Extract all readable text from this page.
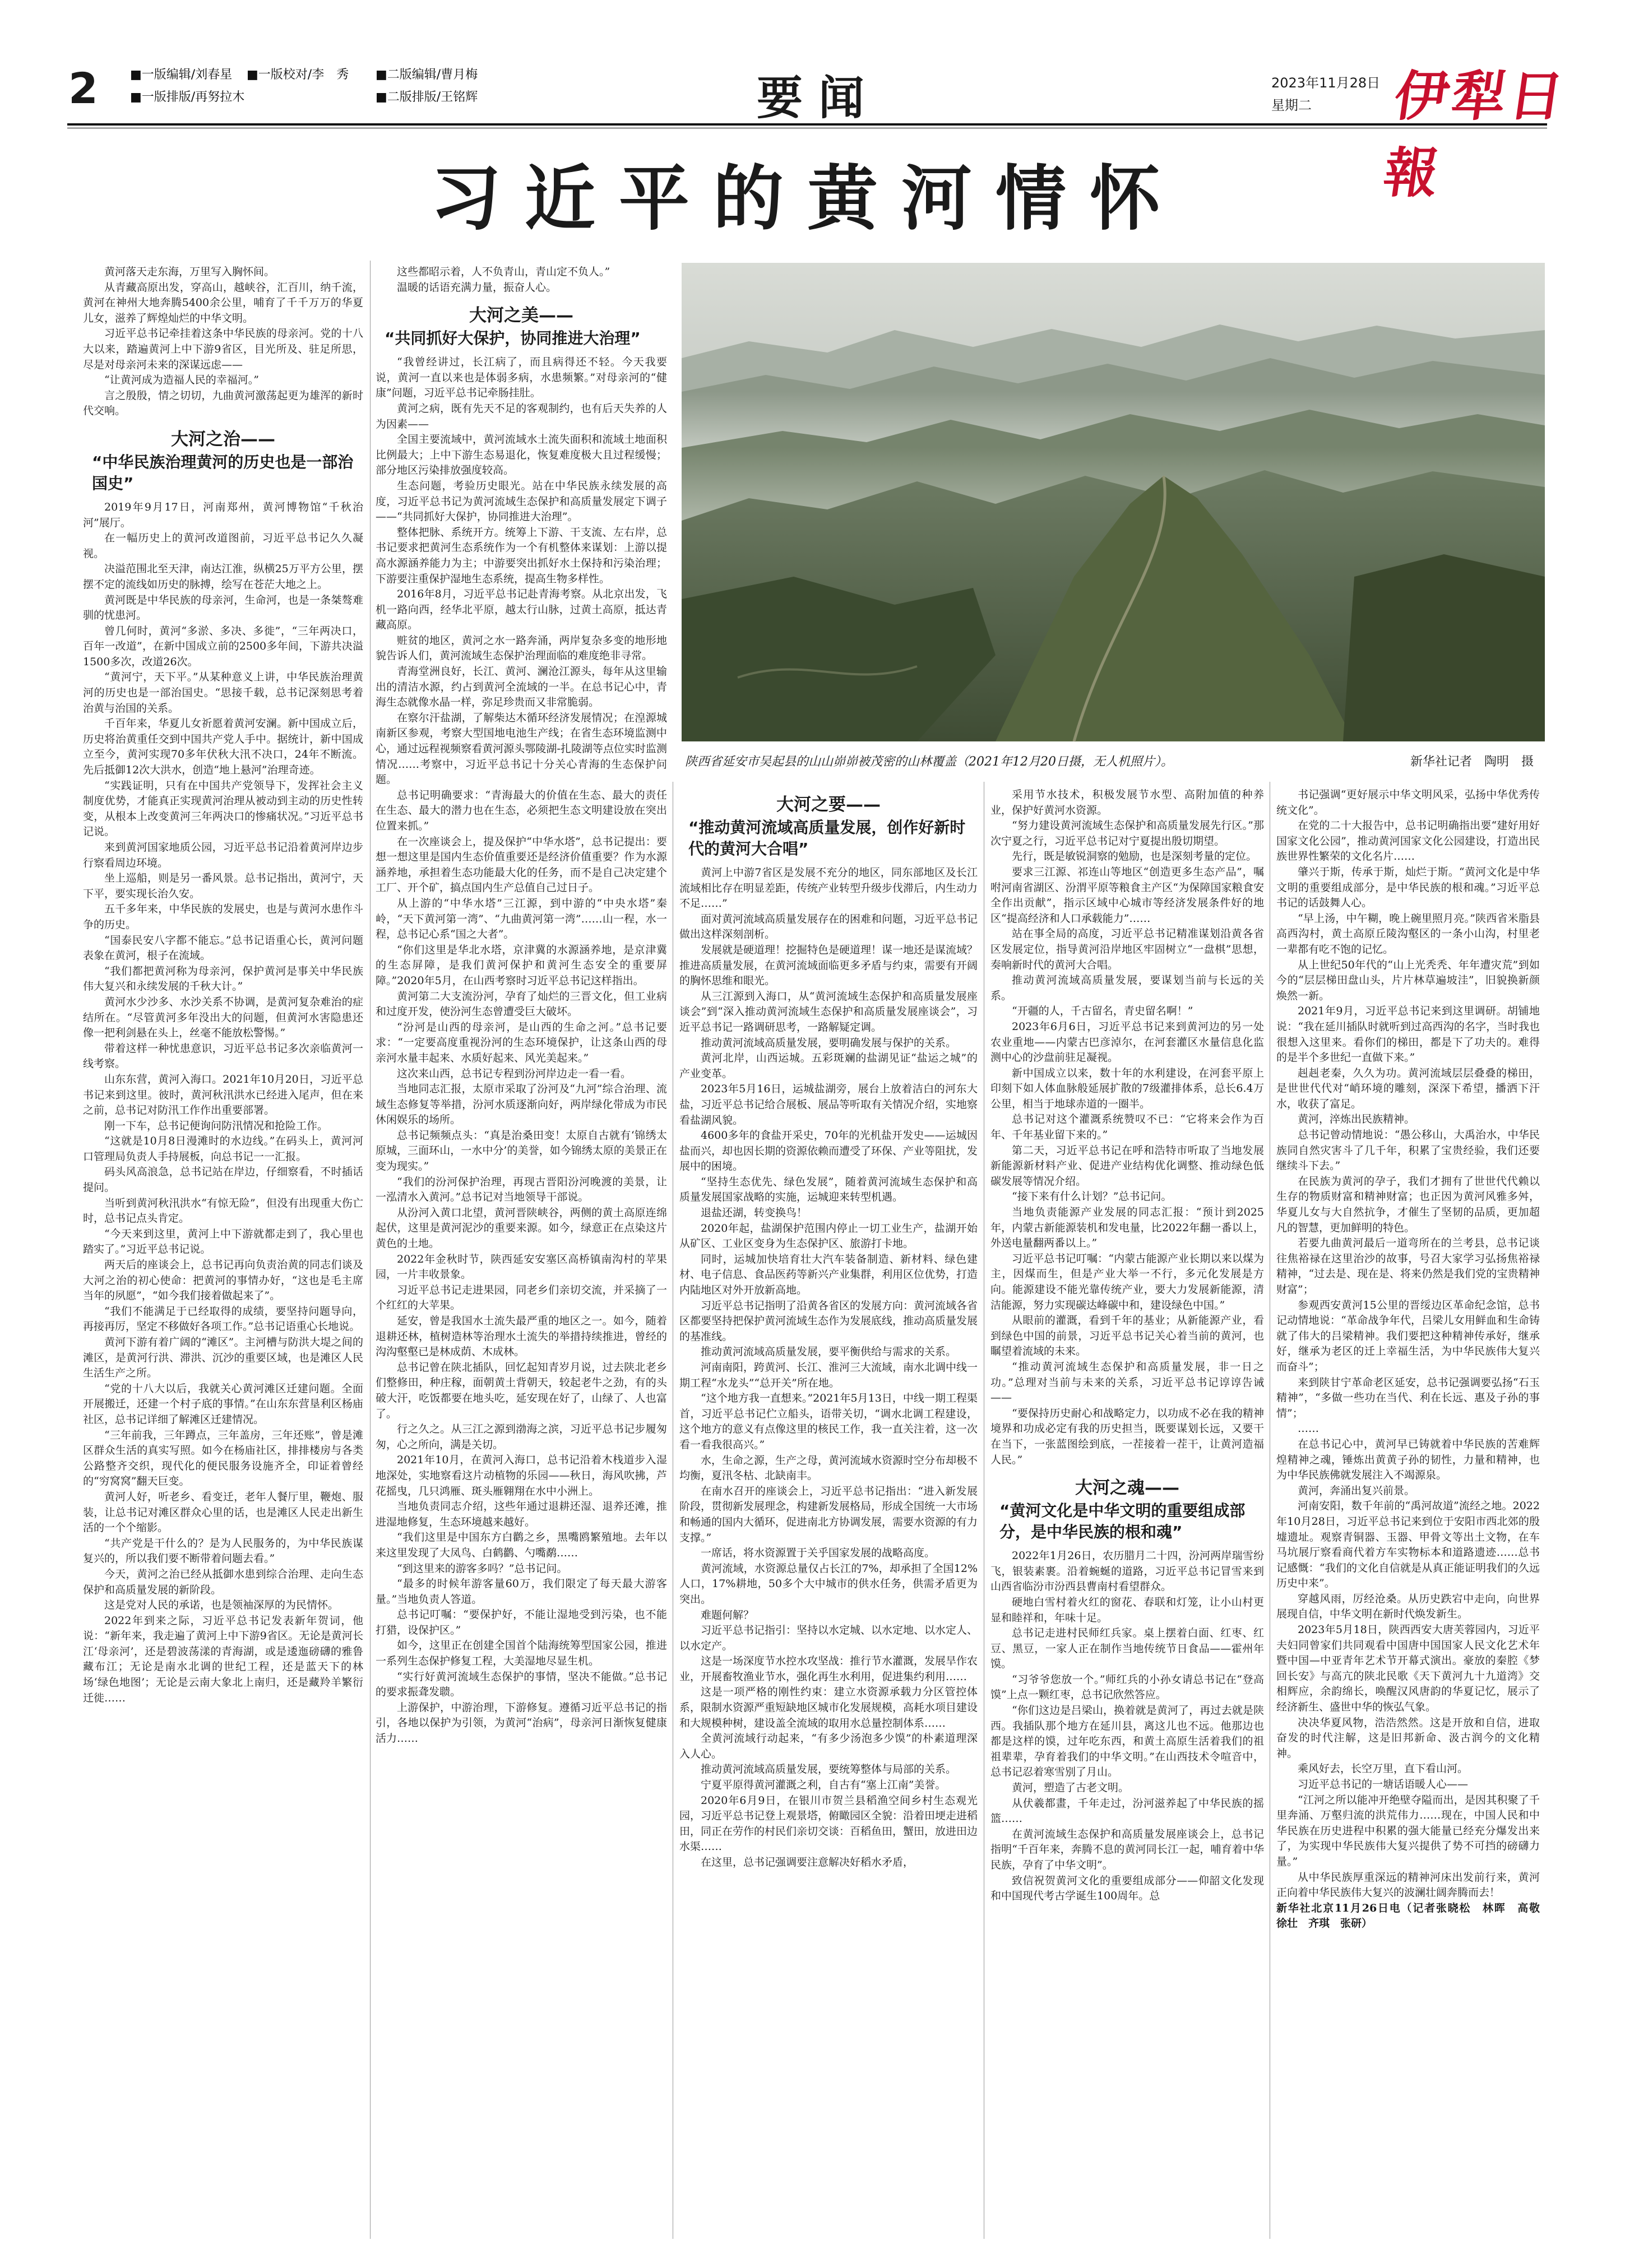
2	■一版编辑/刘春星 ■一版校对/李　秀 ■二版编辑/曹月梅
■一版排版/再努拉木	■二版排版/王铭辉	要闻	2023年11月28日
星期二	伊犁日報
习近平的黄河情怀
陕西省延安市吴起县的山山峁峁被茂密的山林覆盖（2021年12月20日摄，无人机照片）。	新华社记者　陶明　摄

黄河落天走东海，万里写入胸怀间。

从青藏高原出发，穿高山，越峡谷，汇百川，纳千流，黄河在神州大地奔腾5400余公里，哺育了千千万万的华夏儿女，滋养了辉煌灿烂的中华文明。

习近平总书记牵挂着这条中华民族的母亲河。党的十八大以来，踏遍黄河上中下游9省区，目光所及、驻足所思，尽是对母亲河未来的深谋远虑——

“让黄河成为造福人民的幸福河。”

言之殷殷，情之切切，九曲黄河激荡起更为雄浑的新时代交响。

大河之治——
“中华民族治理黄河的历史也是一部治国史”

2019年9月17日，河南郑州，黄河博物馆“千秋治河”展厅。

在一幅历史上的黄河改道图前，习近平总书记久久凝视。

决溢范围北至天津，南达江淮，纵横25万平方公里，摆摆不定的流线如历史的脉搏，绘写在苍茫大地之上。

黄河既是中华民族的母亲河，生命河，也是一条桀骜难驯的忧患河。

曾几何时，黄河“多淤、多决、多徙”，“三年两决口，百年一改道”，在新中国成立前的2500多年间，下游共决溢1500多次，改道26次。

“黄河宁，天下平。”从某种意义上讲，中华民族治理黄河的历史也是一部治国史。“思接千载，总书记深刻思考着治黄与治国的关系。

千百年来，华夏儿女祈愿着黄河安澜。新中国成立后，历史将治黄重任交到中国共产党人手中。据统计，新中国成立至今，黄河实现70多年伏秋大汛不决口，24年不断流。先后抵御12次大洪水，创造“地上悬河”治理奇迹。

“实践证明，只有在中国共产党领导下，发挥社会主义制度优势，才能真正实现黄河治理从被动到主动的历史性转变，从根本上改变黄河三年两决口的惨痛状况。”习近平总书记说。

来到黄河国家地质公园，习近平总书记沿着黄河岸边步行察看周边环境。

坐上巡船，则是另一番风景。总书记指出，黄河宁，天下平，要实现长治久安。

五千多年来，中华民族的发展史，也是与黄河水患作斗争的历史。

“国泰民安八字都不能忘。”总书记语重心长，黄河问题表象在黄河，根子在流域。

“我们都把黄河称为母亲河，保护黄河是事关中华民族伟大复兴和永续发展的千秋大计。”

黄河水少沙多、水沙关系不协调，是黄河复杂难治的症结所在。“尽管黄河多年没出大的问题，但黄河水害隐患还像一把利剑悬在头上，丝毫不能放松警惕。”

带着这样一种忧患意识，习近平总书记多次亲临黄河一线考察。

山东东营，黄河入海口。2021年10月20日，习近平总书记来到这里。彼时，黄河秋汛洪水已经进入尾声，但在来之前，总书记对防汛工作作出重要部署。

刚一下车，总书记便询问防汛情况和抢险工作。

“这就是10月8日漫滩时的水边线。”在码头上，黄河河口管理局负责人手持展板，向总书记一一汇报。

码头风高浪急，总书记站在岸边，仔细察看，不时插话提问。

当听到黄河秋汛洪水“有惊无险”，但没有出现重大伤亡时，总书记点头肯定。

“今天来到这里，黄河上中下游就都走到了，我心里也踏实了。”习近平总书记说。

两天后的座谈会上，总书记再向负责治黄的同志们谈及大河之治的初心使命：把黄河的事情办好，“这也是毛主席当年的夙愿”，“如今我们接着做起来了”。

“我们不能满足于已经取得的成绩，要坚持问题导向，再接再厉，坚定不移做好各项工作。”总书记语重心长地说。

黄河下游有着广阔的“滩区”。主河槽与防洪大堤之间的滩区，是黄河行洪、滞洪、沉沙的重要区域，也是滩区人民生活生产之所。

“党的十八大以后，我就关心黄河滩区迁建问题。全面开展搬迁，还建一个村子底的事情。”在山东东营垦利区杨庙社区，总书记详细了解滩区迁建情况。

“三年前我，三年蹲点，三年盖房，三年还账”，曾是滩区群众生活的真实写照。如今在杨庙社区，排排楼房与各类公路整齐交织，现代化的便民服务设施齐全，印证着曾经的“穷窝窝”翻天巨变。

黄河人好，听老乡、看变迁，老年人餐厅里，鞭炮、服装，让总书记对滩区群众心里的话，也是滩区人民走出新生活的一个个缩影。

“共产党是干什么的？是为人民服务的，为中华民族谋复兴的，所以我们要不断带着问题去看。”

今天，黄河之治已经从抵御水患到综合治理、走向生态保护和高质量发展的新阶段。

这是党对人民的承诺，也是领袖深厚的为民情怀。

2022年到来之际，习近平总书记发表新年贺词，他说：“新年来，我走遍了黄河上中下游9省区。无论是黄河长江‘母亲河’，还是碧波荡漾的青海湖，或是逶迤磅礴的雅鲁藏布江；无论是南水北调的世纪工程，还是蓝天下的林场‘绿色地图’；无论是云南大象北上南归，还是藏羚羊繁衍迁徙……

这些都昭示着，人不负青山，青山定不负人。”

温暖的话语充满力量，振奋人心。

大河之美——
“共同抓好大保护，协同推进大治理”

“我曾经讲过，长江病了，而且病得还不轻。今天我要说，黄河一直以来也是体弱多病，水患频繁。”对母亲河的“健康”问题，习近平总书记牵肠挂肚。

黄河之病，既有先天不足的客观制约，也有后天失养的人为因素——

全国主要流域中，黄河流域水土流失面积和流域土地面积比例最大；上中下游生态易退化，恢复难度极大且过程缓慢；部分地区污染排放强度较高。

生态问题，考验历史眼光。站在中华民族永续发展的高度，习近平总书记为黄河流域生态保护和高质量发展定下调子——“共同抓好大保护，协同推进大治理”。

整体把脉、系统开方。统筹上下游、干支流、左右岸，总书记要求把黄河生态系统作为一个有机整体来谋划：上游以提高水源涵养能力为主；中游要突出抓好水土保持和污染治理；下游要注重保护湿地生态系统，提高生物多样性。

2016年8月，习近平总书记赴青海考察。从北京出发，飞机一路向西，经华北平原，越太行山脉，过黄土高原，抵达青藏高原。

赃贫的地区，黄河之水一路奔涌，两岸复杂多变的地形地貌告诉人们，黄河流域生态保护治理面临的难度绝非寻常。

青海堂洲良好，长江、黄河、澜沧江源头，每年从这里输出的清洁水源，约占到黄河全流域的一半。在总书记心中，青海生态就像水晶一样，弥足珍贵而又非常脆弱。

在察尔汗盐湖，了解柴达木循环经济发展情况；在湟源城南新区参观，考察大型国地电池生产线；在省生态环境监测中心，通过远程视频察看黄河源头鄂陵湖-扎陵湖等点位实时监测情况……考察中，习近平总书记十分关心青海的生态保护问题。

总书记明确要求：“青海最大的价值在生态、最大的责任在生态、最大的潜力也在生态，必须把生态文明建设放在突出位置来抓。”

在一次座谈会上，提及保护“中华水塔”，总书记提出：要想一想这里是国内生态价值重要还是经济价值重要？作为水源涵养地，承担着生态功能最大化的任务，而不是自己决定建个工厂、开个矿，搞点国内生产总值自己过日子。

从上游的“中华水塔”三江源，到中游的“中央水塔”秦岭，“天下黄河第一湾”、“九曲黄河第一湾”……山一程，水一程，总书记心系“国之大者”。

“你们这里是华北水塔，京津冀的水源涵养地，是京津冀的生态屏障，是我们黄河保护和黄河生态安全的重要屏障。”2020年5月，在山西考察时习近平总书记这样指出。

黄河第二大支流汾河，孕育了灿烂的三晋文化，但工业病和过度开发，使汾河生态曾遭受巨大破坏。

“汾河是山西的母亲河，是山西的生命之河。”总书记要求：“一定要高度重视汾河的生态环境保护，让这条山西的母亲河水量丰起来、水质好起来、风光美起来。”

这次来山西，总书记专程到汾河岸边走一看一看。

当地同志汇报，太原市采取了汾河及“九河”综合治理、流域生态修复等举措，汾河水质逐渐向好，两岸绿化带成为市民休闲娱乐的场所。

总书记频频点头：“真是治桑田变！太原自古就有‘锦绣太原城，三面环山，一水中分’的美誉，如今锦绣太原的美景正在变为现实。”

“我们的汾河保护治理，再现古晋阳汾河晚渡的美景，让一泓清水入黄河。”总书记对当地领导干部说。

从汾河入黄口北望，黄河晋陕峡谷，两侧的黄土高原连绵起伏，这里是黄河泥沙的重要来源。如今，绿意正在点染这片黄色的土地。

2022年金秋时节，陕西延安安塞区高桥镇南沟村的苹果园，一片丰收景象。

习近平总书记走进果园，同老乡们亲切交流，并采摘了一个红红的大苹果。

延安，曾是我国水土流失最严重的地区之一。如今，随着退耕还林，植树造林等治理水土流失的举措持续推进，曾经的沟沟壑壑已是林成荫、木成林。

总书记曾在陕北插队，回忆起知青岁月说，过去陕北老乡们整修田，种庄稼，面朝黄土背朝天，较起老牛之劲，有的头破大汗，吃饭都要在地头吃，延安现在好了，山绿了、人也富了。

行之久之。从三江之源到渤海之滨，习近平总书记步履匆匆，心之所向，满是关切。

2021年10月，在黄河入海口，总书记沿着木栈道步入湿地深处，实地察看这片动植物的乐园——秋日，海风吹拂，芦花摇曳，几只鸿雁、斑头雁翱翔在水中小洲上。

当地负责同志介绍，这些年通过退耕还湿、退养还滩，推进湿地修复，生态环境越来越好。

“我们这里是中国东方白鹳之乡，黑嘴鸥繁殖地。去年以来这里发现了大凤鸟、白鹤鹳、勺嘴鹬……

“到这里来的游客多吗？”总书记问。

“最多的时候年游客量60万，我们限定了每天最大游客量。”当地负责人答道。

总书记叮嘱：“要保护好，不能让湿地受到污染，也不能打猎，设保护区。”

如今，这里正在创建全国首个陆海统筹型国家公园，推进一系列生态保护修复工程，大美湿地尽显生机。

“实行好黄河流域生态保护的事情，坚决不能做。”总书记的要求振聋发聩。

上游保护，中游治理，下游修复。遵循习近平总书记的指引，各地以保护为引领，为黄河“治病”，母亲河日渐恢复健康活力……

大河之要——
“推动黄河流域高质量发展，创作好新时代的黄河大合唱”

黄河上中游7省区是发展不充分的地区，同东部地区及长江流域相比存在明显差距，传统产业转型升级步伐滞后，内生动力不足……”

面对黄河流域高质量发展存在的困难和问题，习近平总书记做出这样深刻剖析。

发展就是硬道理！挖掘特色是硬道理！谋一地还是谋流域？推进高质量发展，在黄河流域面临更多矛盾与约束，需要有开阔的胸怀思维和眼光。

从三江源到入海口，从“黄河流域生态保护和高质量发展座谈会”到“深入推动黄河流域生态保护和高质量发展座谈会”，习近平总书记一路调研思考，一路解疑定调。

推动黄河流域高质量发展，要明确发展与保护的关系。

黄河北岸，山西运城。五彩斑斓的盐湖见证“盐运之城”的产业变革。

2023年5月16日，运城盐湖旁，展台上放着洁白的河东大盐，习近平总书记给合展板、展品等听取有关情况介绍，实地察看盐湖风貌。

4600多年的食盐开采史，70年的光机盐开发史——运城因盐而兴，却也因长期的资源依赖而遭受了环保、产业等阻扰，发展中的困境。

“坚持生态优先、绿色发展”，随着黄河流域生态保护和高质量发展国家战略的实施，运城迎来转型机遇。

退盐还湖，转变换鸟！

2020年起，盐湖保护范围内停止一切工业生产，盐湖开始从矿区、工业区变身为生态保护区、旅游打卡地。

同时，运城加快培育壮大汽车装备制造、新材料、绿色建材、电子信息、食品医药等新兴产业集群，利用区位优势，打造内陆地区对外开放新高地。

习近平总书记指明了沿黄各省区的发展方向：黄河流域各省区都要坚持把保护黄河流域生态作为发展底线，推动高质量发展的基准线。

推动黄河流域高质量发展，要平衡供给与需求的关系。

河南南阳，跨黄河、长江、淮河三大流域，南水北调中线一期工程“水龙头”“总开关”所在地。

“这个地方我一直想来。”2021年5月13日，中线一期工程渠首，习近平总书记伫立船头，语带关切，“调水北调工程建设，这个地方的意义有点像这里的核民工作，我一直关注着，这一次看一看我很高兴。”

水，生命之源，生产之母，黄河流域水资源时空分布却极不均衡，夏汛冬枯、北缺南丰。

在南水召开的座谈会上，习近平总书记指出：“进入新发展阶段，贯彻新发展理念，构建新发展格局，形成全国统一大市场和畅通的国内大循环，促进南北方协调发展，需要水资源的有力支撑。”

一席话，将水资源置于关乎国家发展的战略高度。

黄河流域，水资源总量仅占长江的7%，却承担了全国12%人口，17%耕地，50多个大中城市的供水任务，供需矛盾更为突出。

难题何解？

习近平总书记指引：坚持以水定城、以水定地、以水定人、以水定产。

这是一场深度节水控水攻坚战：推行节水灌溉，发展旱作农业，开展畜牧渔业节水，强化再生水利用，促进集约利用……

这是一项严格的刚性约束：建立水资源承载力分区管控体系，限制水资源严重短缺地区城市化发展规模，高耗水项目建设和大规模种树，建设盖全流域的取用水总量控制体系……

全黄河流域行动起来，“有多少汤泡多少馍”的朴素道理深入人心。

推动黄河流域高质量发展，要统筹整体与局部的关系。

宁夏平原得黄河灌溉之利，自古有“塞上江南”美誉。

2020年6月9日，在银川市贺兰县稻渔空间乡村生态观光园，习近平总书记登上观景塔，俯瞰园区全貌：沿着田埂走进稻田，同正在劳作的村民们亲切交谈：百稻鱼田，蟹田，放进田边水渠……

在这里，总书记强调要注意解决好稻水矛盾，

采用节水技术，积极发展节水型、高附加值的种养业，保护好黄河水资源。

“努力建设黄河流域生态保护和高质量发展先行区。”那次宁夏之行，习近平总书记对宁夏提出殷切期望。

先行，既是敏锐洞察的勉励，也是深刻考量的定位。

要求三江源、祁连山等地区“创造更多生态产品”，嘱咐河南省湖区、汾渭平原等粮食主产区“为保障国家粮食安全作出贡献”，指示区域中心城市等经济发展条件好的地区“提高经济和人口承载能力”……

站在事全局的高度，习近平总书记精准谋划沿黄各省区发展定位，指导黄河沿岸地区牢固树立“一盘棋”思想，奏响新时代的黄河大合唱。

推动黄河流域高质量发展，要谋划当前与长远的关系。

“开疆的人，千古留名，青史留名啊！”

2023年6月6日，习近平总书记来到黄河边的另一处农业重地——内蒙古巴彦淖尔，在河套灌区水量信息化监测中心的沙盘前驻足凝视。

新中国成立以来，数十年的水利建设，在河套平原上印刻下如人体血脉般延展扩散的7级灌排体系，总长6.4万公里，相当于地球赤道的一圈半。

总书记对这个灌溉系统赞叹不已：“它将来会作为百年、千年基业留下来的。”

第二天，习近平总书记在呼和浩特市听取了当地发展新能源新材料产业、促进产业结构优化调整、推动绿色低碳发展等情况介绍。

“接下来有什么计划？”总书记问。

当地负责能源产业发展的同志汇报：“预计到2025年，内蒙古新能源装机和发电量，比2022年翻一番以上，外送电量翻两番以上。”

习近平总书记叮嘱：“内蒙古能源产业长期以来以煤为主，因煤而生，但是产业大举一不行，多元化发展是方向。能源建设不能光靠传统产业，要大力发展新能源，清洁能源，努力实现碳达峰碳中和，建设绿色中国。”

从眼前的灌溉，看到千年的基业；从新能源产业，看到绿色中国的前景，习近平总书记关心着当前的黄河，也瞩望着流域的未来。

“推动黄河流域生态保护和高质量发展，非一日之功。”总理对当前与未来的关系，习近平总书记谆谆告诫——

“要保持历史耐心和战略定力，以功成不必在我的精神境界和功成必定有我的历史担当，既要谋划长远，又要干在当下，一张蓝图绘到底，一茬接着一茬干，让黄河造福人民。”

大河之魂——
“黄河文化是中华文明的重要组成部分，是中华民族的根和魂”

2022年1月26日，农历腊月二十四，汾河两岸瑞雪纷飞，银装素裹。沿着蜿蜒的道路，习近平总书记冒雪来到山西省临汾市汾西县曹南村看望群众。

硬地白雪村着火红的窗花、春联和灯笼，让小山村更显和睦祥和，年味十足。

总书记走进村民师红兵家。桌上摆着白面、红枣、红豆、黑豆，一家人正在制作当地传统节日食品——霍州年馍。

“习爷爷您放一个。”师红兵的小孙女请总书记在“登高馍”上点一颗红枣，总书记欣然答应。

“你们这边是吕梁山，换着就是黄河了，再过去就是陕西。我插队那个地方在延川县，离这儿也不远。他那边也都是这样的馍，过年吃东西，和黄土高原生活着我们的祖祖辈辈，孕育着我们的中华文明。”在山西技术令喧音中，总书记忍着寒雪别了月山。

黄河，塑造了古老文明。

从伏羲都畫，千年走过，汾河滋养起了中华民族的摇篮……

在黄河流域生态保护和高质量发展座谈会上，总书记指明“千百年来，奔腾不息的黄河同长江一起，哺育着中华民族，孕育了中华文明”。

致信祝贺黄河文化的重要组成部分——仰韶文化发现和中国现代考古学诞生100周年。总

书记强调“更好展示中华文明风采，弘扬中华优秀传统文化”。

在党的二十大报告中，总书记明确指出要“建好用好国家文化公园”，推动黄河国家文化公园建设，打造出民族世界性繁荣的文化名片……

肇兴于斯，传承于斯，灿烂于斯。“黄河文化是中华文明的重要组成部分，是中华民族的根和魂。”习近平总书记的话鼓舞人心。

“早上汤，中午糊，晚上碗里照月亮。”陕西省米脂县高西沟村，黄土高原丘陵沟壑区的一条小山沟，村里老一辈都有吃不饱的记忆。

从上世纪50年代的“山上光秃秃、年年遭灾荒”到如今的“层层梯田盘山头，片片林草遍坡洼”，旧貌换新颜焕然一新。

2021年9月，习近平总书记来到这里调研。胡铺地说：“我在延川插队时就听到过高西沟的名字，当时我也很想入这里来。看你们的梯田，都是下了功夫的。难得的是半个多世纪一直做下来。”

赳赳老秦，久久为功。黄河流域层层叠叠的梯田，是世世代代对“峭环境的雕刻，深深下希望，播洒下汗水，收获了富足。

黄河，淬炼出民族精神。

总书记曾动情地说：“愚公移山，大禹治水，中华民族同自然灾害斗了几千年，积累了宝贵经验，我们还要继续斗下去。”

在民族为黄河的孕子，我们才拥有了世世代代赖以生存的物质财富和精神财富；也正因为黄河风雅多舛，华夏儿女与大自然抗争，才催生了坚韧的品质，更加超凡的智慧，更加鲜明的特色。

若要九曲黄河最后一道弯所在的兰考县，总书记谈往焦裕禄在这里治沙的故事，号召大家学习弘扬焦裕禄精神，“过去是、现在是、将来仍然是我们党的宝贵精神财富”；

参观西安黄河15公里的晋绥边区革命纪念馆，总书记动情地说：“革命战争年代，吕梁儿女用鲜血和生命铸就了伟大的吕梁精神。我们要把这种精神传承好，继承好，继承为老区的迁上幸福生活，为中华民族伟大复兴而奋斗”；

来到陕甘宁革命老区延安，总书记强调要弘扬“石玉精神”，“多做一些功在当代、利在长远、惠及子孙的事情”；

……

在总书记心中，黄河早已铸就着中华民族的苦难辉煌精神之魂，锤炼出黄黄子孙的韧性，力量和精神，也为中华民族佛就发展注入不竭源泉。

黄河，奔涌出复兴前景。

河南安阳，数千年前的“禹河故道”流经之地。2022年10月28日，习近平总书记来到位于安阳市西北郊的殷墟遗址。观察青铜器、玉器、甲骨文等出土文物，在车马坑展厅察看商代着方车实物标本和道路遗迹……总书记感慨：“我们的文化自信就是从真正能证明我们的久远历史中来”。

穿越风雨，厉经沧桑。从历史跌宕中走向，向世界展现自信，中华文明在新时代焕发新生。

2023年5月18日，陕西西安大唐芙蓉园内，习近平夫妇同曾家们共同观看中国唐中国国家人民文化艺术年暨中国—中亚青年艺术节开幕式演出。豪放的秦腔《梦回长安》与高亢的陕北民歌《天下黄河九十九道湾》交相辉应，余韵绵长，唤醒汉风唐韵的华夏记忆，展示了经济新生、盛世中华的恢弘气象。

决决华夏风物，浩浩然然。这是开放和自信，进取奋发的时代注解，这是旧邦新命、汲古润今的文化精神。

乘风好去，长空万里，直下看山河。

习近平总书记的一塘话语暖人心——

“江河之所以能冲开绝壁夺隘而出，是因其积聚了千里奔涌、万壑归流的洪荒伟力……现在，中国人民和中华民族在历史进程中积累的强大能量已经充分爆发出来了，为实现中华民族伟大复兴提供了势不可挡的磅礴力量。”

从中华民族厚重深远的精神河床出发前行来，黄河正向着中华民族伟大复兴的波澜壮阔奔腾而去！

新华社北京11月26日电（记者张晓松　林晖　高敬　徐壮　齐琪　张研）
